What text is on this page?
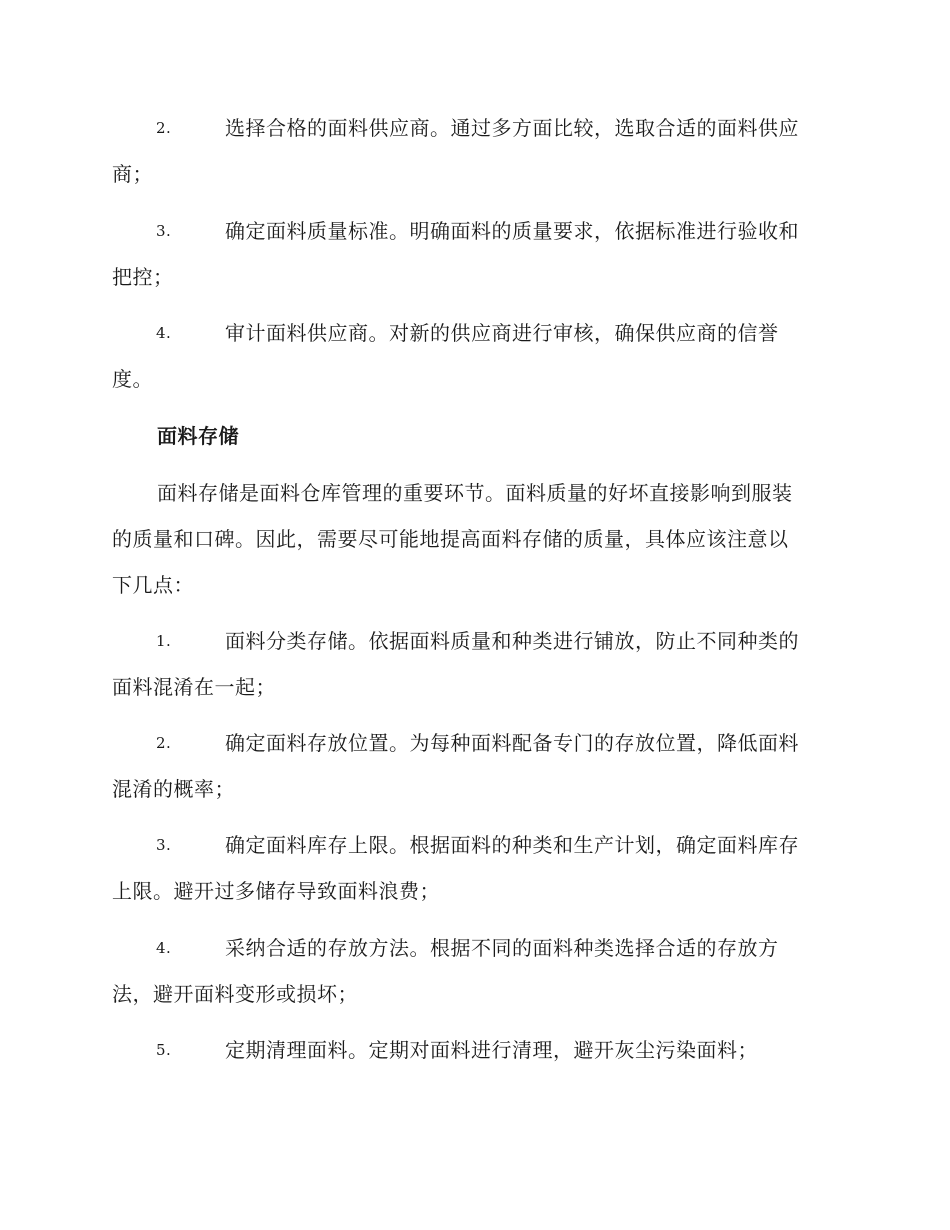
2.	选择合格的面料供应商。通过多方面比较，选取合适的面料供应
商；
3.	确定面料质量标准。明确面料的质量要求，依据标准进行验收和
把控；
4.	审计面料供应商。对新的供应商进行审核，确保供应商的信誉
度。
面料存储
面料存储是面料仓库管理的重要环节。面料质量的好坏直接影响到服装
的质量和口碑。因此，需要尽可能地提高面料存储的质量，具体应该注意以
下几点：
1.	面料分类存储。依据面料质量和种类进行铺放，防止不同种类的
面料混淆在一起；
2.	确定面料存放位置。为每种面料配备专门的存放位置，降低面料
混淆的概率；
3.	确定面料库存上限。根据面料的种类和生产计划，确定面料库存
上限。避开过多储存导致面料浪费；
4.	采纳合适的存放方法。根据不同的面料种类选择合适的存放方
法，避开面料变形或损坏；
5.	定期清理面料。定期对面料进行清理，避开灰尘污染面料；
